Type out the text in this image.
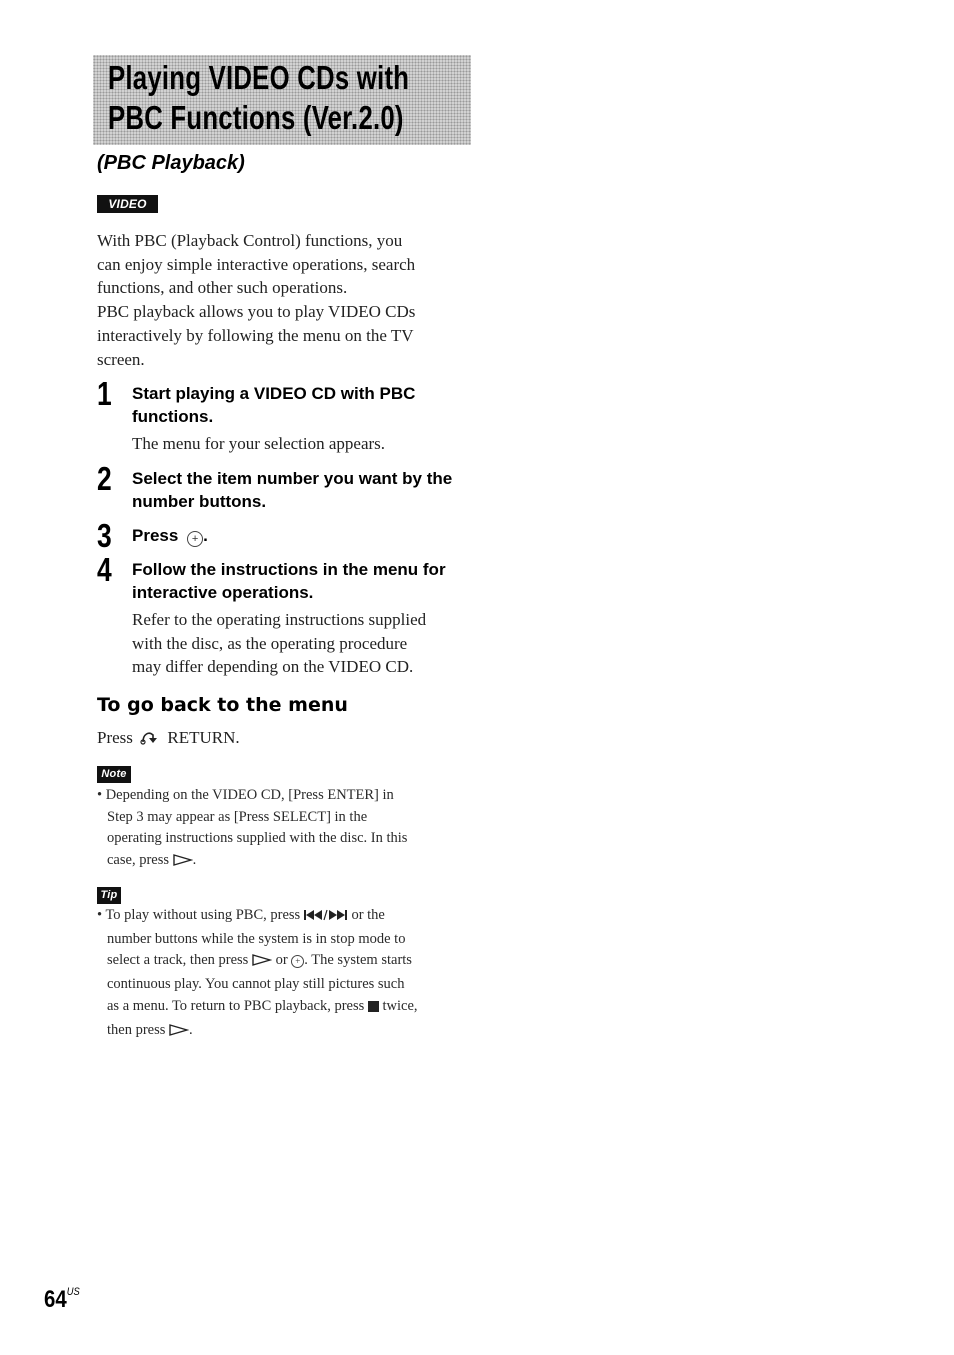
Playing VIDEO CDs with
PBC Functions (Ver.2.0)
(PBC Playback)
VIDEO CD

With PBC (Playback Control) functions, you

can enjoy simple interactive operations, search

functions, and other such operations.

PBC playback allows you to play VIDEO CDs

interactively by following the menu on the TV

screen.

1 Start playing a VIDEO CD with PBC
functions.
The menu for your selection appears.
2 Select the item number you want by the
number buttons.
3 Press + .
4 Follow the instructions in the menu for
interactive operations.
Refer to the operating instructions supplied
with the disc, as the operating procedure
may differ depending on the VIDEO CD.
To go back to the menu
Press RETURN.
Note
• Depending on the VIDEO CD, [Press ENTER] in
Step 3 may appear as [Press SELECT] in the
operating instructions supplied with the disc. In this
case, press .
Tip
• To play without using PBC, press	or the
number buttons while the system is in stop mode to
select a track, then press or + . The system starts
continuous play. You cannot play still pictures such
as a menu. To return to PBC playback, press twice,
then press .
$64^{US}$
